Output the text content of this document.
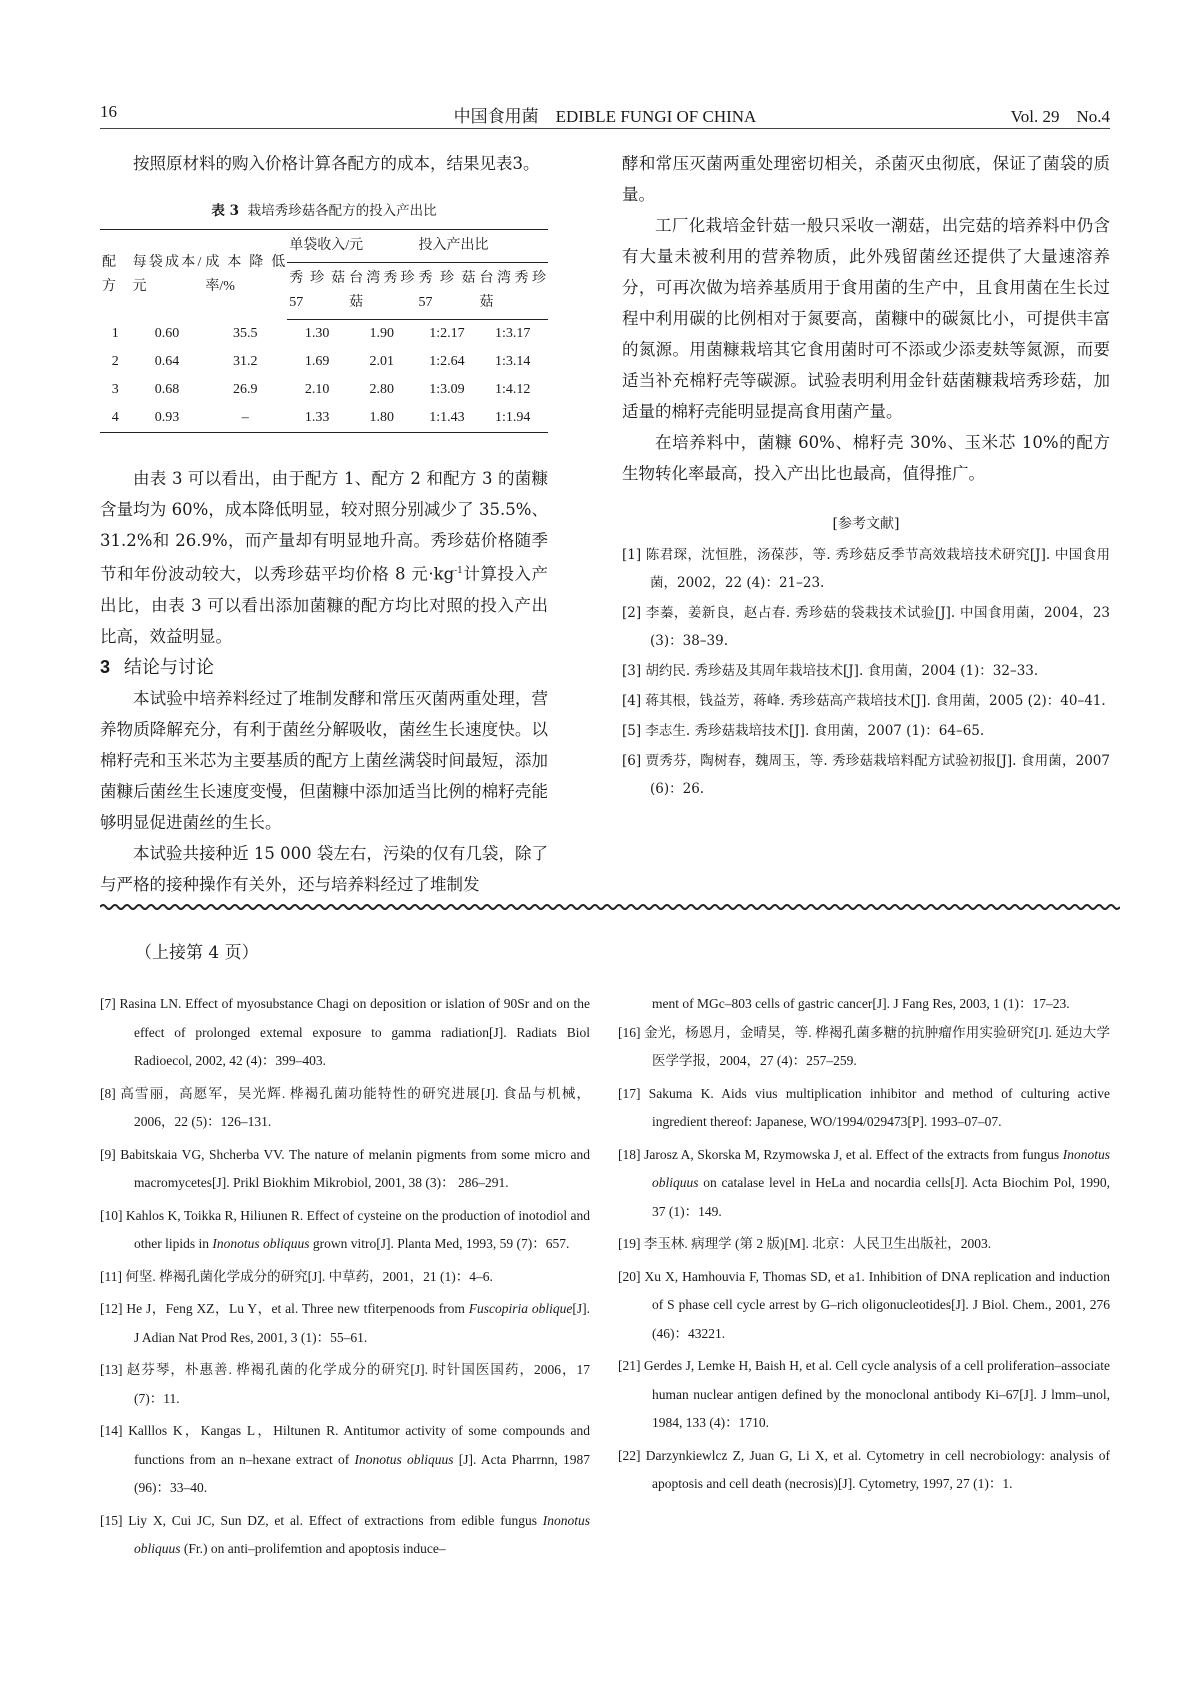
16	中国食用菌　EDIBLE FUNGI OF CHINA	Vol. 29　No.4

按照原材料的购入价格计算各配方的成本，结果见表3。

表 3 栽培秀珍菇各配方的投入产出比
配方	每袋成本/元	成本降低率/%	单袋收入/元		投入产出比	
			秀珍菇 57	台湾秀珍菇	秀珍菇 57	台湾秀珍菇
1	0.60	35.5	1.30	1.90	1:2.17	1:3.17
2	0.64	31.2	1.69	2.01	1:2.64	1:3.14
3	0.68	26.9	2.10	2.80	1:3.09	1:4.12
4	0.93	–	1.33	1.80	1:1.43	1:1.94

由表 3 可以看出，由于配方 1、配方 2 和配方 3 的菌糠含量均为 60%，成本降低明显，较对照分别减少了 35.5%、31.2%和 26.9%，而产量却有明显地升高。秀珍菇价格随季节和年份波动较大，以秀珍菇平均价格 8 元$\cdot kg^{-1}$计算投入产出比，由表 3 可以看出添加菌糠的配方均比对照的投入产出比高，效益明显。

3 结论与讨论

本试验中培养料经过了堆制发酵和常压灭菌两重处理，营养物质降解充分，有利于菌丝分解吸收，菌丝生长速度快。以棉籽壳和玉米芯为主要基质的配方上菌丝满袋时间最短，添加菌糠后菌丝生长速度变慢，但菌糠中添加适当比例的棉籽壳能够明显促进菌丝的生长。

本试验共接种近 15 000 袋左右，污染的仅有几袋，除了与严格的接种操作有关外，还与培养料经过了堆制发

酵和常压灭菌两重处理密切相关，杀菌灭虫彻底，保证了菌袋的质量。

工厂化栽培金针菇一般只采收一潮菇，出完菇的培养料中仍含有大量未被利用的营养物质，此外残留菌丝还提供了大量速溶养分，可再次做为培养基质用于食用菌的生产中，且食用菌在生长过程中利用碳的比例相对于氮要高，菌糠中的碳氮比小，可提供丰富的氮源。用菌糠栽培其它食用菌时可不添或少添麦麸等氮源，而要适当补充棉籽壳等碳源。试验表明利用金针菇菌糠栽培秀珍菇，加适量的棉籽壳能明显提高食用菌产量。

在培养料中，菌糠 60%、棉籽壳 30%、玉米芯 10%的配方生物转化率最高，投入产出比也最高，值得推广。

[参考文献]
[1] 陈君琛，沈恒胜，汤葆莎，等. 秀珍菇反季节高效栽培技术研究[J]. 中国食用菌，2002，22 (4)：21–23.
[2] 李蓁，姜新良，赵占春. 秀珍菇的袋栽技术试验[J]. 中国食用菌，2004，23 (3)：38–39.
[3] 胡约民. 秀珍菇及其周年栽培技术[J]. 食用菌，2004 (1)：32–33.
[4] 蒋其根，钱益芳，蒋峰. 秀珍菇高产栽培技术[J]. 食用菌，2005 (2)：40–41.
[5] 李志生. 秀珍菇栽培技术[J]. 食用菌，2007 (1)：64–65.
[6] 贾秀芬，陶树春，魏周玉，等. 秀珍菇栽培料配方试验初报[J]. 食用菌，2007 (6)：26.
（上接第 4 页）
[7] Rasina LN. Effect of myosubstance Chagi on deposition or islation of 90Sr and on the effect of prolonged extemal exposure to gamma radiation[J]. Radiats Biol Radioecol, 2002, 42 (4)：399–403.
[8] 高雪丽，高愿军，吴光辉. 桦褐孔菌功能特性的研究进展[J]. 食品与机械，2006，22 (5)：126–131.
[9] Babitskaia VG, Shcherba VV. The nature of melanin pigments from some micro and macromycetes[J]. Prikl Biokhim Mikrobiol, 2001, 38 (3)： 286–291.
[10] Kahlos K, Toikka R, Hiliunen R. Effect of cysteine on the production of inotodiol and other lipids in Inonotus obliquus grown vitro[J]. Planta Med, 1993, 59 (7)：657.
[11] 何坚. 桦褐孔菌化学成分的研究[J]. 中草药，2001，21 (1)：4–6.
[12] He J，Feng XZ，Lu Y，et al. Three new tfiterpenoods from Fuscopiria oblique[J]. J Adian Nat Prod Res, 2001, 3 (1)：55–61.
[13] 赵芬琴，朴惠善. 桦褐孔菌的化学成分的研究[J]. 时针国医国药，2006，17 (7)：11.
[14] Kalllos K，Kangas L，Hiltunen R. Antitumor activity of some compounds and functions from an n–hexane extract of Inonotus obliquus [J]. Acta Pharrnn, 1987 (96)：33–40.
[15] Liy X, Cui JC, Sun DZ, et al. Effect of extractions from edible fungus Inonotus obliquus (Fr.) on anti–prolifemtion and apoptosis induce–
ment of MGc–803 cells of gastric cancer[J]. J Fang Res, 2003, 1 (1)：17–23.
[16] 金光，杨恩月，金晴昊，等. 桦褐孔菌多糖的抗肿瘤作用实验研究[J]. 延边大学医学学报，2004，27 (4)：257–259.
[17] Sakuma K. Aids vius multiplication inhibitor and method of culturing active ingredient thereof: Japanese, WO/1994/029473[P]. 1993–07–07.
[18] Jarosz A, Skorska M, Rzymowska J, et al. Effect of the extracts from fungus Inonotus obliquus on catalase level in HeLa and nocardia cells[J]. Acta Biochim Pol, 1990, 37 (1)：149.
[19] 李玉林. 病理学 (第 2 版)[M]. 北京：人民卫生出版社，2003.
[20] Xu X, Hamhouvia F, Thomas SD, et a1. Inhibition of DNA replication and induction of S phase cell cycle arrest by G–rich oligonucleotides[J]. J Biol. Chem., 2001, 276 (46)：43221.
[21] Gerdes J, Lemke H, Baish H, et al. Cell cycle analysis of a cell proliferation–associate human nuclear antigen defined by the monoclonal antibody Ki–67[J]. J lmm–unol, 1984, 133 (4)：1710.
[22] Darzynkiewlcz Z, Juan G, Li X, et al. Cytometry in cell necrobiology: analysis of apoptosis and cell death (necrosis)[J]. Cytometry, 1997, 27 (1)：1.
